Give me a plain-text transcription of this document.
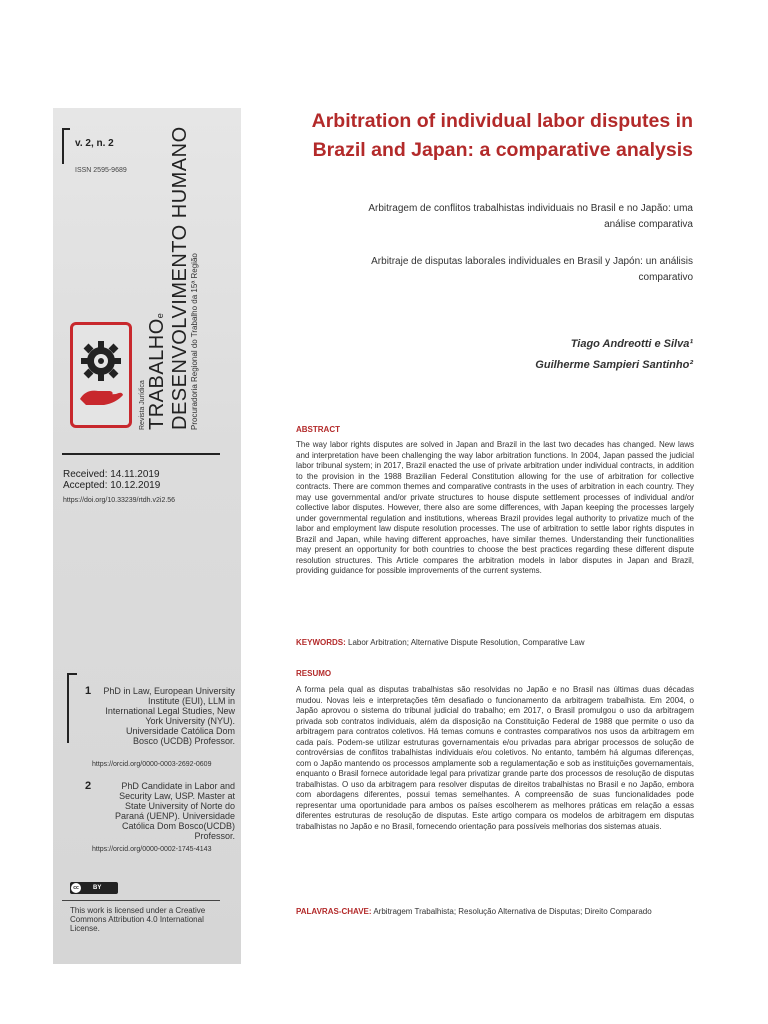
v. 2, n. 2
ISSN 2595-9689
Revista Jurídica TRABALHOe DESENVOLVIMENTO HUMANO Procuradoria Regional do Trabalho da 15ª Região
Received: 14.11.2019
Accepted: 10.12.2019
https://doi.org/10.33239/rtdh.v2i2.56
1	PhD in Law, European University Institute (EUI), LLM in International Legal Studies, New York University (NYU). Universidade Católica Dom Bosco (UCDB) Professor.
https://orcid.org/0000-0003-2692-0609
2	PhD Candidate in Labor and Security Law, USP. Master at State University of Norte do Paraná (UENP). Universidade Católica Dom Bosco(UCDB) Professor.
https://orcid.org/0000-0002-1745-4143
cc	BY
This work is licensed under a Creative Commons Attribution 4.0 International License.
Arbitration of individual labor disputes in
Brazil and Japan: a comparative analysis
Arbitragem de conflitos trabalhistas individuais no Brasil e no Japão: uma
análise comparativa
Arbitraje de disputas laborales individuales en Brasil y Japón: un análisis
comparativo
Tiago Andreotti e Silva¹
Guilherme Sampieri Santinho²
ABSTRACT
The way labor rights disputes are solved in Japan and Brazil in the last two decades has changed. New laws and interpretation have been challenging the way labor arbitration functions. In 2004, Japan passed the judicial labor tribunal system; in 2017, Brazil enacted the use of private arbitration under individual contracts, in addition to the provision in the 1988 Brazilian Federal Constitution allowing for the use of arbitration for collective contracts. There are common themes and comparative contrasts in the uses of arbitration in each country. They may use governmental and/or private structures to house dispute settlement processes of individual and/or collective labor disputes. However, there also are some differences, with Japan keeping the processes largely under governmental regulation and institutions, whereas Brazil provides legal authority to privatize much of the labor and employment law dispute resolution processes. The use of arbitration to settle labor rights disputes in Brazil and Japan, while having different approaches, have similar themes. Understanding their functionalities may present an opportunity for both countries to choose the best practices regarding these different dispute resolution structures. This Article compares the arbitration models in labor disputes in Japan and Brazil, providing guidance for possible improvements of the current systems.
KEYWORDS: Labor Arbitration; Alternative Dispute Resolution, Comparative Law
RESUMO
A forma pela qual as disputas trabalhistas são resolvidas no Japão e no Brasil nas últimas duas décadas mudou. Novas leis e interpretações têm desafiado o funcionamento da arbitragem trabalhista. Em 2004, o Japão aprovou o sistema do tribunal judicial do trabalho; em 2017, o Brasil promulgou o uso da arbitragem privada sob contratos individuais, além da disposição na Constituição Federal de 1988 que permite o uso da arbitragem para contratos coletivos. Há temas comuns e contrastes comparativos nos usos da arbitragem em cada país. Podem-se utilizar estruturas governamentais e/ou privadas para abrigar processos de solução de controvérsias de conflitos trabalhistas individuais e/ou coletivos. No entanto, também há algumas diferenças, com o Japão mantendo os processos amplamente sob a regulamentação e sob as instituições governamentais, enquanto o Brasil fornece autoridade legal para privatizar grande parte dos processos de resolução de disputas trabalhistas. O uso da arbitragem para resolver disputas de direitos trabalhistas no Brasil e no Japão, embora com abordagens diferentes, possui temas semelhantes. A compreensão de suas funcionalidades pode representar uma oportunidade para ambos os países escolherem as melhores práticas em relação a essas diferentes estruturas de resolução de disputas. Este artigo compara os modelos de arbitragem em disputas trabalhistas no Japão e no Brasil, fornecendo orientação para possíveis melhorias dos sistemas atuais.
PALAVRAS-CHAVE: Arbitragem Trabalhista; Resolução Alternativa de Disputas; Direito Comparado
